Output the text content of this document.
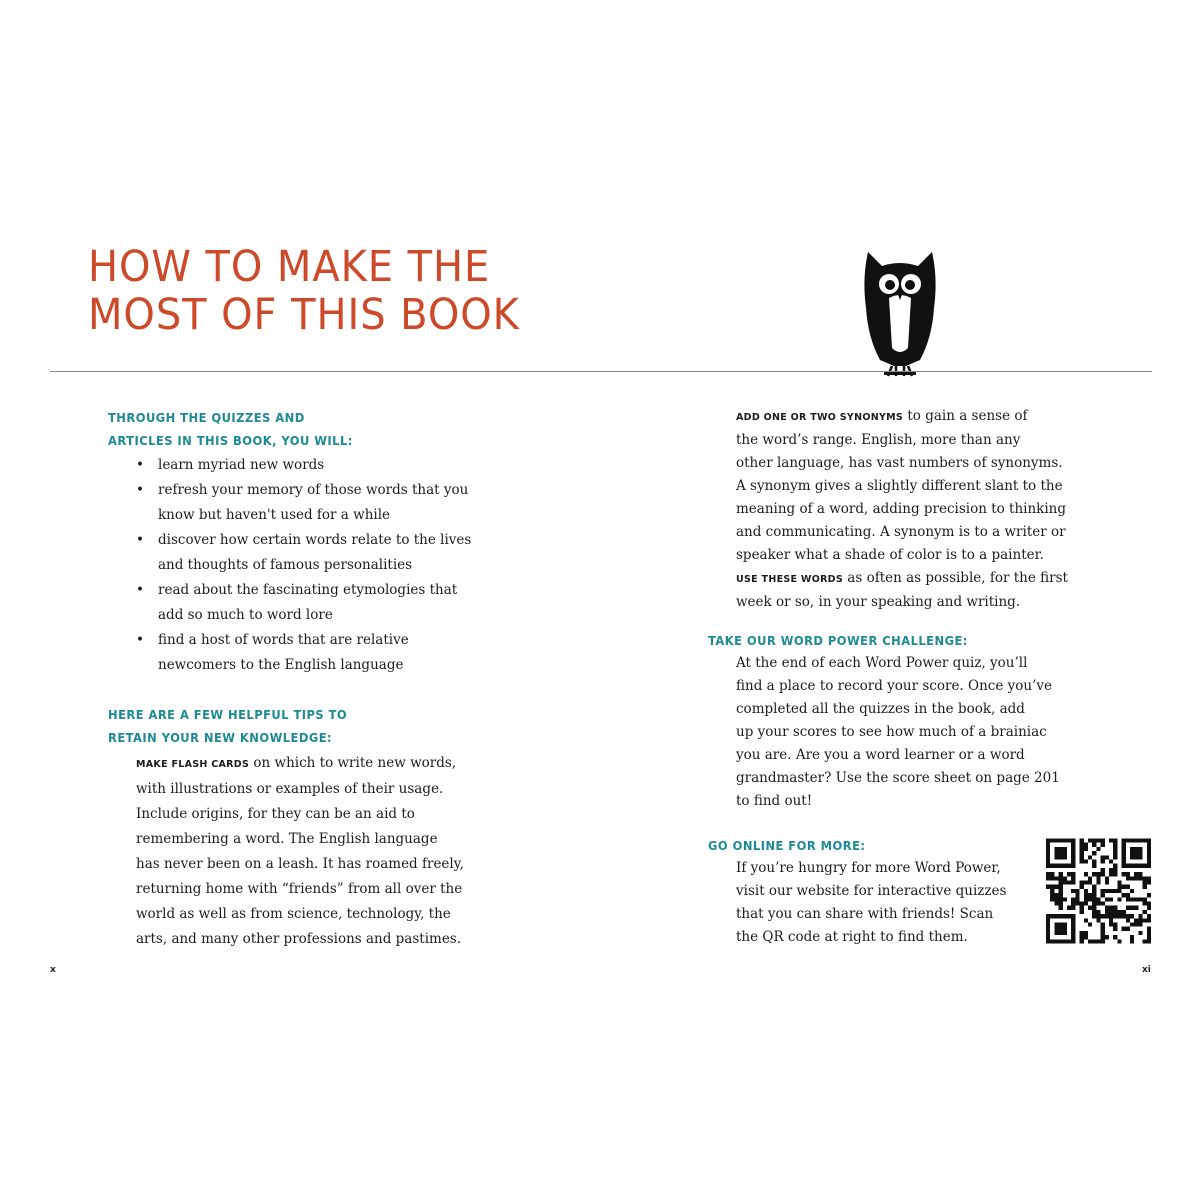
HOW TO MAKE THE
MOST OF THIS BOOK
THROUGH THE QUIZZES AND
ARTICLES IN THIS BOOK, YOU WILL:
• learn myriad new words
• refresh your memory of those words that you
know but haven't used for a while
• discover how certain words relate to the lives
and thoughts of famous personalities
• read about the fascinating etymologies that
add so much to word lore
• find a host of words that are relative
newcomers to the English language
HERE ARE A FEW HELPFUL TIPS TO
RETAIN YOUR NEW KNOWLEDGE:

MAKE FLASH CARDS on which to write new words,
with illustrations or examples of their usage.
Include origins, for they can be an aid to
remembering a word. The English language
has never been on a leash. It has roamed freely,
returning home with “friends” from all over the
world as well as from science, technology, the
arts, and many other professions and pastimes.

x

ADD ONE OR TWO SYNONYMS to gain a sense of
the word’s range. English, more than any
other language, has vast numbers of synonyms.
A synonym gives a slightly different slant to the
meaning of a word, adding precision to thinking
and communicating. A synonym is to a writer or
speaker what a shade of color is to a painter.
USE THESE WORDS as often as possible, for the first
week or so, in your speaking and writing.

TAKE OUR WORD POWER CHALLENGE:

At the end of each Word Power quiz, you’ll
find a place to record your score. Once you’ve
completed all the quizzes in the book, add
up your scores to see how much of a brainiac
you are. Are you a word learner or a word
grandmaster? Use the score sheet on page 201
to find out!

GO ONLINE FOR MORE:

If you’re hungry for more Word Power,
visit our website for interactive quizzes
that you can share with friends! Scan
the QR code at right to find them.

xi
